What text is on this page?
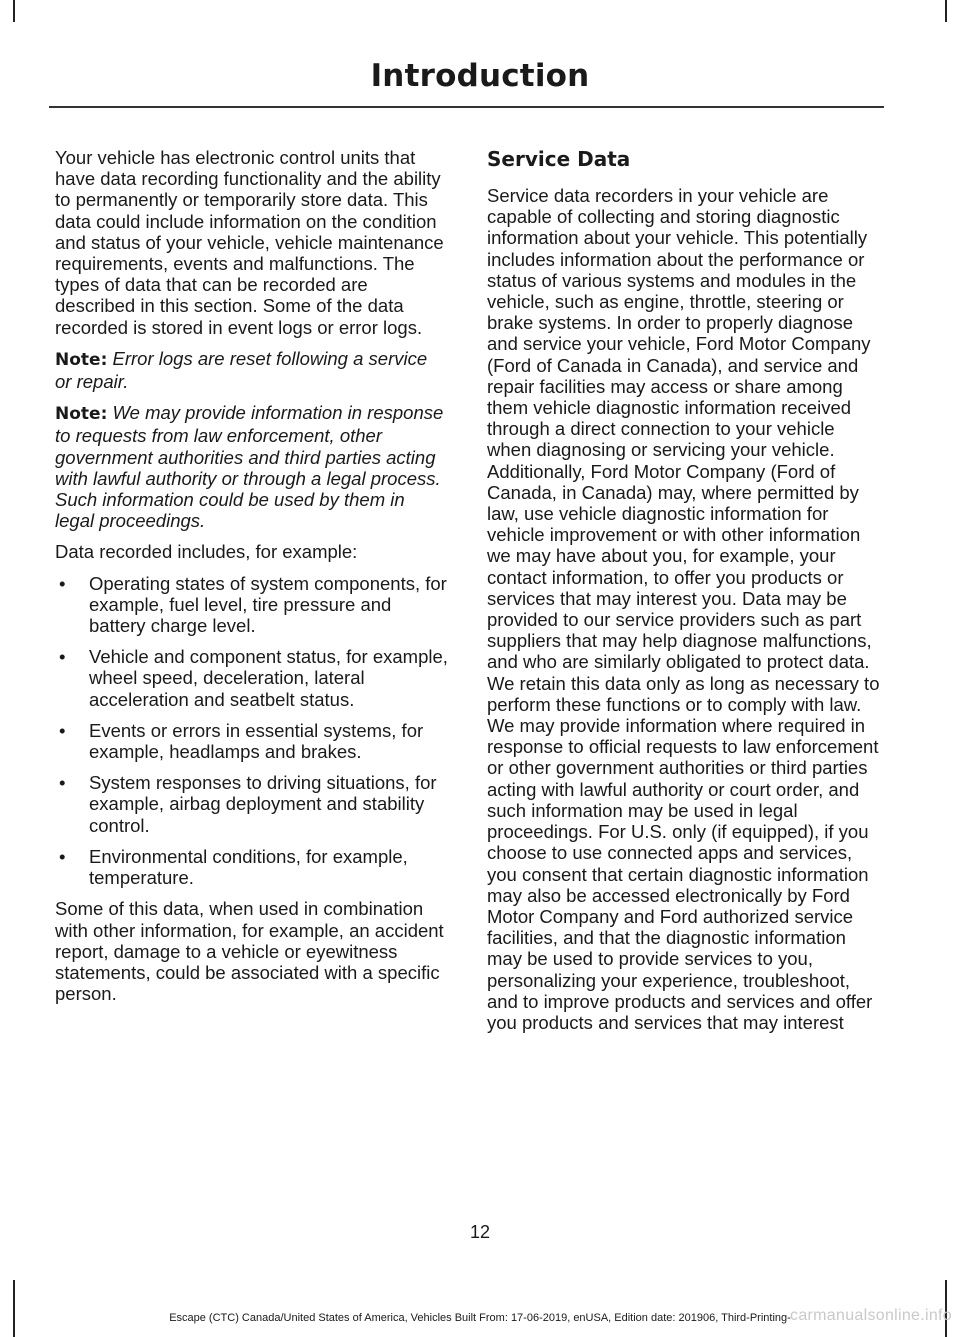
Introduction

Your vehicle has electronic control units that have data recording functionality and the ability to permanently or temporarily store data. This data could include information on the condition and status of your vehicle, vehicle maintenance requirements, events and malfunctions. The types of data that can be recorded are described in this section. Some of the data recorded is stored in event logs or error logs.

Note: Error logs are reset following a service or repair.

Note: We may provide information in response to requests from law enforcement, other government authorities and third parties acting with lawful authority or through a legal process. Such information could be used by them in legal proceedings.

Data recorded includes, for example:

• Operating states of system components, for example, fuel level, tire pressure and battery charge level.
• Vehicle and component status, for example, wheel speed, deceleration, lateral acceleration and seatbelt status.
• Events or errors in essential systems, for example, headlamps and brakes.
• System responses to driving situations, for example, airbag deployment and stability control.
• Environmental conditions, for example, temperature.

Some of this data, when used in combination with other information, for example, an accident report, damage to a vehicle or eyewitness statements, could be associated with a specific person.

Service Data

Service data recorders in your vehicle are capable of collecting and storing diagnostic information about your vehicle. This potentially includes information about the performance or status of various systems and modules in the vehicle, such as engine, throttle, steering or brake systems. In order to properly diagnose and service your vehicle, Ford Motor Company (Ford of Canada in Canada), and service and repair facilities may access or share among them vehicle diagnostic information received through a direct connection to your vehicle when diagnosing or servicing your vehicle. Additionally, Ford Motor Company (Ford of Canada, in Canada) may, where permitted by law, use vehicle diagnostic information for vehicle improvement or with other information we may have about you, for example, your contact information, to offer you products or services that may interest you. Data may be provided to our service providers such as part suppliers that may help diagnose malfunctions, and who are similarly obligated to protect data. We retain this data only as long as necessary to perform these functions or to comply with law. We may provide information where required in response to official requests to law enforcement or other government authorities or third parties acting with lawful authority or court order, and such information may be used in legal proceedings. For U.S. only (if equipped), if you choose to use connected apps and services, you consent that certain diagnostic information may also be accessed electronically by Ford Motor Company and Ford authorized service facilities, and that the diagnostic information may be used to provide services to you, personalizing your experience, troubleshoot, and to improve products and services and offer you products and services that may interest

12
Escape (CTC) Canada/United States of America, Vehicles Built From: 17-06-2019, enUSA, Edition date: 201906, Third-Printing- carmanualsonline.info
